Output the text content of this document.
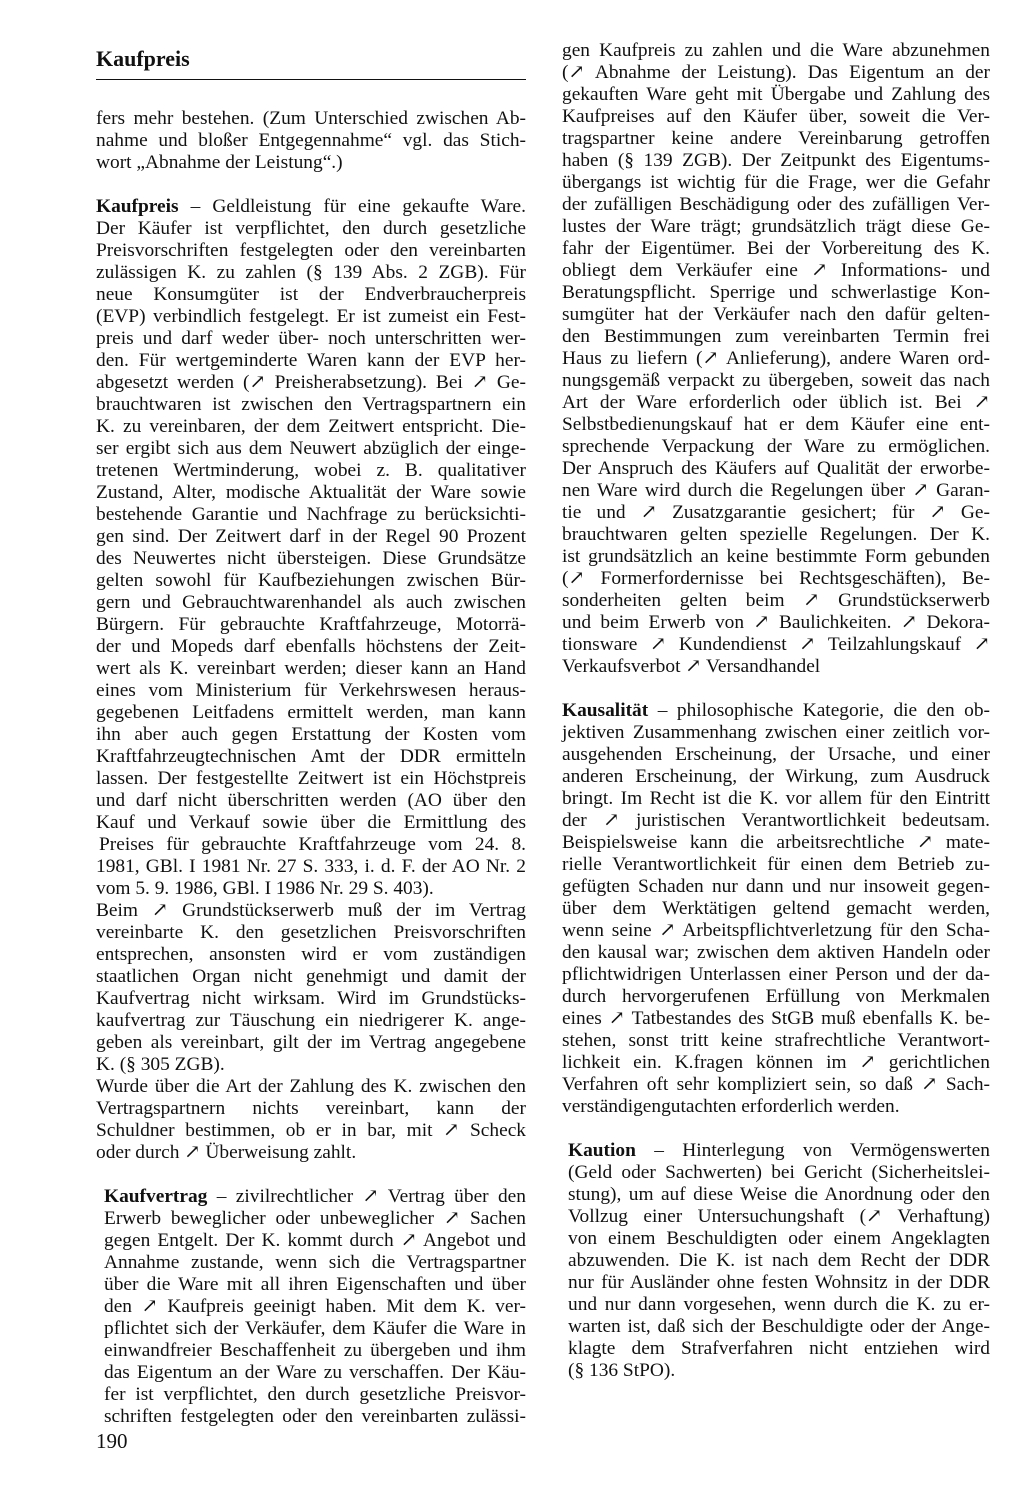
Kaufpreis
fers mehr bestehen. (Zum Unterschied zwischen Ab-
nahme und bloßer Entgegennahme“ vgl. das Stich-
wort „Abnahme der Leistung“.)
Kaufpreis – Geldleistung für eine gekaufte Ware.
Der Käufer ist verpflichtet, den durch gesetzliche
Preisvorschriften festgelegten oder den vereinbarten
zulässigen K. zu zahlen (§ 139 Abs. 2 ZGB). Für
neue Konsumgüter ist der Endverbraucherpreis
(EVP) verbindlich festgelegt. Er ist zumeist ein Fest-
preis und darf weder über- noch unterschritten wer-
den. Für wertgeminderte Waren kann der EVP her-
abgesetzt werden (↗ Preisherabsetzung). Bei ↗ Ge-
brauchtwaren ist zwischen den Vertragspartnern ein
K. zu vereinbaren, der dem Zeitwert entspricht. Die-
ser ergibt sich aus dem Neuwert abzüglich der einge-
tretenen Wertminderung, wobei z. B. qualitativer
Zustand, Alter, modische Aktualität der Ware sowie
bestehende Garantie und Nachfrage zu berücksichti-
gen sind. Der Zeitwert darf in der Regel 90 Prozent
des Neuwertes nicht übersteigen. Diese Grundsätze
gelten sowohl für Kaufbeziehungen zwischen Bür-
gern und Gebrauchtwarenhandel als auch zwischen
Bürgern. Für gebrauchte Kraftfahrzeuge, Motorrä-
der und Mopeds darf ebenfalls höchstens der Zeit-
wert als K. vereinbart werden; dieser kann an Hand
eines vom Ministerium für Verkehrswesen heraus-
gegebenen Leitfadens ermittelt werden, man kann
ihn aber auch gegen Erstattung der Kosten vom
Kraftfahrzeugtechnischen Amt der DDR ermitteln
lassen. Der festgestellte Zeitwert ist ein Höchstpreis
und darf nicht überschritten werden (AO über den
Kauf und Verkauf sowie über die Ermittlung des
Preises für gebrauchte Kraftfahrzeuge vom 24. 8.
1981, GBl. I 1981 Nr. 27 S. 333, i. d. F. der AO Nr. 2
vom 5. 9. 1986, GBl. I 1986 Nr. 29 S. 403).
Beim ↗ Grundstückserwerb muß der im Vertrag
vereinbarte K. den gesetzlichen Preisvorschriften
entsprechen, ansonsten wird er vom zuständigen
staatlichen Organ nicht genehmigt und damit der
Kaufvertrag nicht wirksam. Wird im Grundstücks-
kaufvertrag zur Täuschung ein niedrigerer K. ange-
geben als vereinbart, gilt der im Vertrag angegebene
K. (§ 305 ZGB).
Wurde über die Art der Zahlung des K. zwischen den
Vertragspartnern nichts vereinbart, kann der
Schuldner bestimmen, ob er in bar, mit ↗ Scheck
oder durch ↗ Überweisung zahlt.
Kaufvertrag – zivilrechtlicher ↗ Vertrag über den
Erwerb beweglicher oder unbeweglicher ↗ Sachen
gegen Entgelt. Der K. kommt durch ↗ Angebot und
Annahme zustande, wenn sich die Vertragspartner
über die Ware mit all ihren Eigenschaften und über
den ↗ Kaufpreis geeinigt haben. Mit dem K. ver-
pflichtet sich der Verkäufer, dem Käufer die Ware in
einwandfreier Beschaffenheit zu übergeben und ihm
das Eigentum an der Ware zu verschaffen. Der Käu-
fer ist verpflichtet, den durch gesetzliche Preisvor-
schriften festgelegten oder den vereinbarten zulässi-
gen Kaufpreis zu zahlen und die Ware abzunehmen
(↗ Abnahme der Leistung). Das Eigentum an der
gekauften Ware geht mit Übergabe und Zahlung des
Kaufpreises auf den Käufer über, soweit die Ver-
tragspartner keine andere Vereinbarung getroffen
haben (§ 139 ZGB). Der Zeitpunkt des Eigentums-
übergangs ist wichtig für die Frage, wer die Gefahr
der zufälligen Beschädigung oder des zufälligen Ver-
lustes der Ware trägt; grundsätzlich trägt diese Ge-
fahr der Eigentümer. Bei der Vorbereitung des K.
obliegt dem Verkäufer eine ↗ Informations- und
Beratungspflicht. Sperrige und schwerlastige Kon-
sumgüter hat der Verkäufer nach den dafür gelten-
den Bestimmungen zum vereinbarten Termin frei
Haus zu liefern (↗ Anlieferung), andere Waren ord-
nungsgemäß verpackt zu übergeben, soweit das nach
Art der Ware erforderlich oder üblich ist. Bei ↗
Selbstbedienungskauf hat er dem Käufer eine ent-
sprechende Verpackung der Ware zu ermöglichen.
Der Anspruch des Käufers auf Qualität der erworbe-
nen Ware wird durch die Regelungen über ↗ Garan-
tie und ↗ Zusatzgarantie gesichert; für ↗ Ge-
brauchtwaren gelten spezielle Regelungen. Der K.
ist grundsätzlich an keine bestimmte Form gebunden
(↗ Formerfordernisse bei Rechtsgeschäften), Be-
sonderheiten gelten beim ↗ Grundstückserwerb
und beim Erwerb von ↗ Baulichkeiten. ↗ Dekora-
tionsware ↗ Kundendienst ↗ Teilzahlungskauf ↗
Verkaufsverbot ↗ Versandhandel
Kausalität – philosophische Kategorie, die den ob-
jektiven Zusammenhang zwischen einer zeitlich vor-
ausgehenden Erscheinung, der Ursache, und einer
anderen Erscheinung, der Wirkung, zum Ausdruck
bringt. Im Recht ist die K. vor allem für den Eintritt
der ↗ juristischen Verantwortlichkeit bedeutsam.
Beispielsweise kann die arbeitsrechtliche ↗ mate-
rielle Verantwortlichkeit für einen dem Betrieb zu-
gefügten Schaden nur dann und nur insoweit gegen-
über dem Werktätigen geltend gemacht werden,
wenn seine ↗ Arbeitspflichtverletzung für den Scha-
den kausal war; zwischen dem aktiven Handeln oder
pflichtwidrigen Unterlassen einer Person und der da-
durch hervorgerufenen Erfüllung von Merkmalen
eines ↗ Tatbestandes des StGB muß ebenfalls K. be-
stehen, sonst tritt keine strafrechtliche Verantwort-
lichkeit ein. K.fragen können im ↗ gerichtlichen
Verfahren oft sehr kompliziert sein, so daß ↗ Sach-
verständigengutachten erforderlich werden.
Kaution – Hinterlegung von Vermögenswerten
(Geld oder Sachwerten) bei Gericht (Sicherheitslei-
stung), um auf diese Weise die Anordnung oder den
Vollzug einer Untersuchungshaft (↗ Verhaftung)
von einem Beschuldigten oder einem Angeklagten
abzuwenden. Die K. ist nach dem Recht der DDR
nur für Ausländer ohne festen Wohnsitz in der DDR
und nur dann vorgesehen, wenn durch die K. zu er-
warten ist, daß sich der Beschuldigte oder der Ange-
klagte dem Strafverfahren nicht entziehen wird
(§ 136 StPO).

190
